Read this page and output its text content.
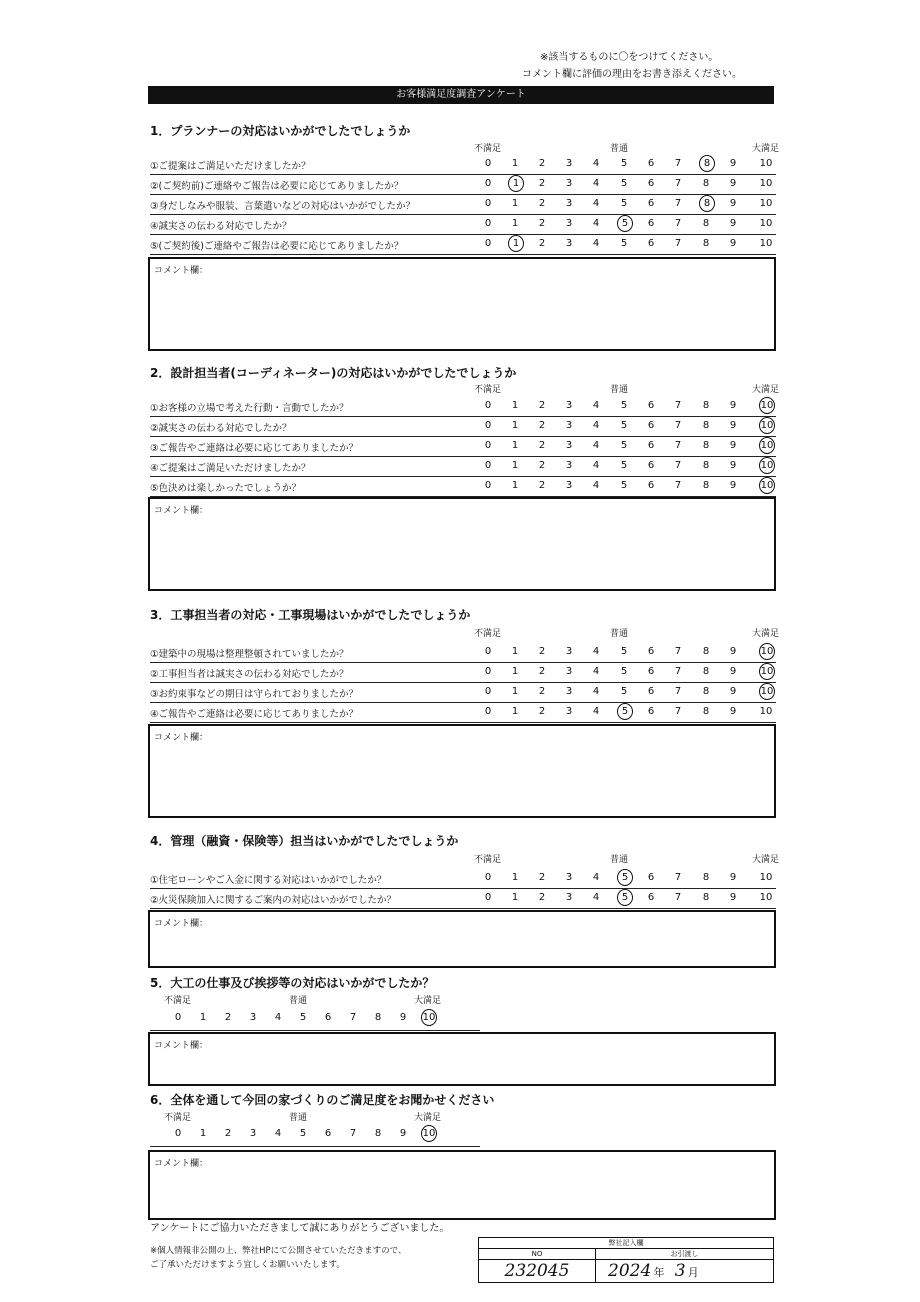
※該当するものに〇をつけてください。
コメント欄に評価の理由をお書き添えください。
お客様満足度調査アンケート
1．プランナーの対応はいかがでしたでしょうか
不満足	普通	大満足
①ご提案はご満足いただけましたか？	0	1	2	3	4	5	6	7	8	9	10
②(ご契約前)ご連絡やご報告は必要に応じてありましたか？	0	1	2	3	4	5	6	7	8	9	10
③身だしなみや服装、言葉遣いなどの対応はいかがでしたか？	0	1	2	3	4	5	6	7	8	9	10
④誠実さの伝わる対応でしたか？	0	1	2	3	4	5	6	7	8	9	10
⑤(ご契約後)ご連絡やご報告は必要に応じてありましたか？	0	1	2	3	4	5	6	7	8	9	10
コメント欄：
2．設計担当者(コーディネーター)の対応はいかがでしたでしょうか
不満足	普通	大満足
①お客様の立場で考えた行動・言動でしたか？	0	1	2	3	4	5	6	7	8	9	10
②誠実さの伝わる対応でしたか？	0	1	2	3	4	5	6	7	8	9	10
③ご報告やご連絡は必要に応じてありましたか？	0	1	2	3	4	5	6	7	8	9	10
④ご提案はご満足いただけましたか？	0	1	2	3	4	5	6	7	8	9	10
⑤色決めは楽しかったでしょうか？	0	1	2	3	4	5	6	7	8	9	10
コメント欄：
3．工事担当者の対応・工事現場はいかがでしたでしょうか
不満足	普通	大満足
①建築中の現場は整理整頓されていましたか？	0	1	2	3	4	5	6	7	8	9	10
②工事担当者は誠実さの伝わる対応でしたか？	0	1	2	3	4	5	6	7	8	9	10
③お約束事などの期日は守られておりましたか？	0	1	2	3	4	5	6	7	8	9	10
④ご報告やご連絡は必要に応じてありましたか？	0	1	2	3	4	5	6	7	8	9	10
コメント欄：
4．管理（融資・保険等）担当はいかがでしたでしょうか
不満足	普通	大満足
①住宅ローンやご入金に関する対応はいかがでしたか？	0	1	2	3	4	5	6	7	8	9	10
②火災保険加入に関するご案内の対応はいかがでしたか？	0	1	2	3	4	5	6	7	8	9	10
コメント欄：
5．大工の仕事及び挨拶等の対応はいかがでしたか？
不満足	普通	大満足
0	1	2	3	4	5	6	7	8	9	10
コメント欄：
6．全体を通して今回の家づくりのご満足度をお聞かせください
不満足	普通	大満足
0	1	2	3	4	5	6	7	8	9	10
コメント欄：
アンケートにご協力いただきまして誠にありがとうございました。
※個人情報非公開の上、弊社HPにて公開させていただきますので、
ご了承いただけますよう宜しくお願いいたします。
弊社記入欄	
NO	お引渡し
232045	2024 年 3 月
